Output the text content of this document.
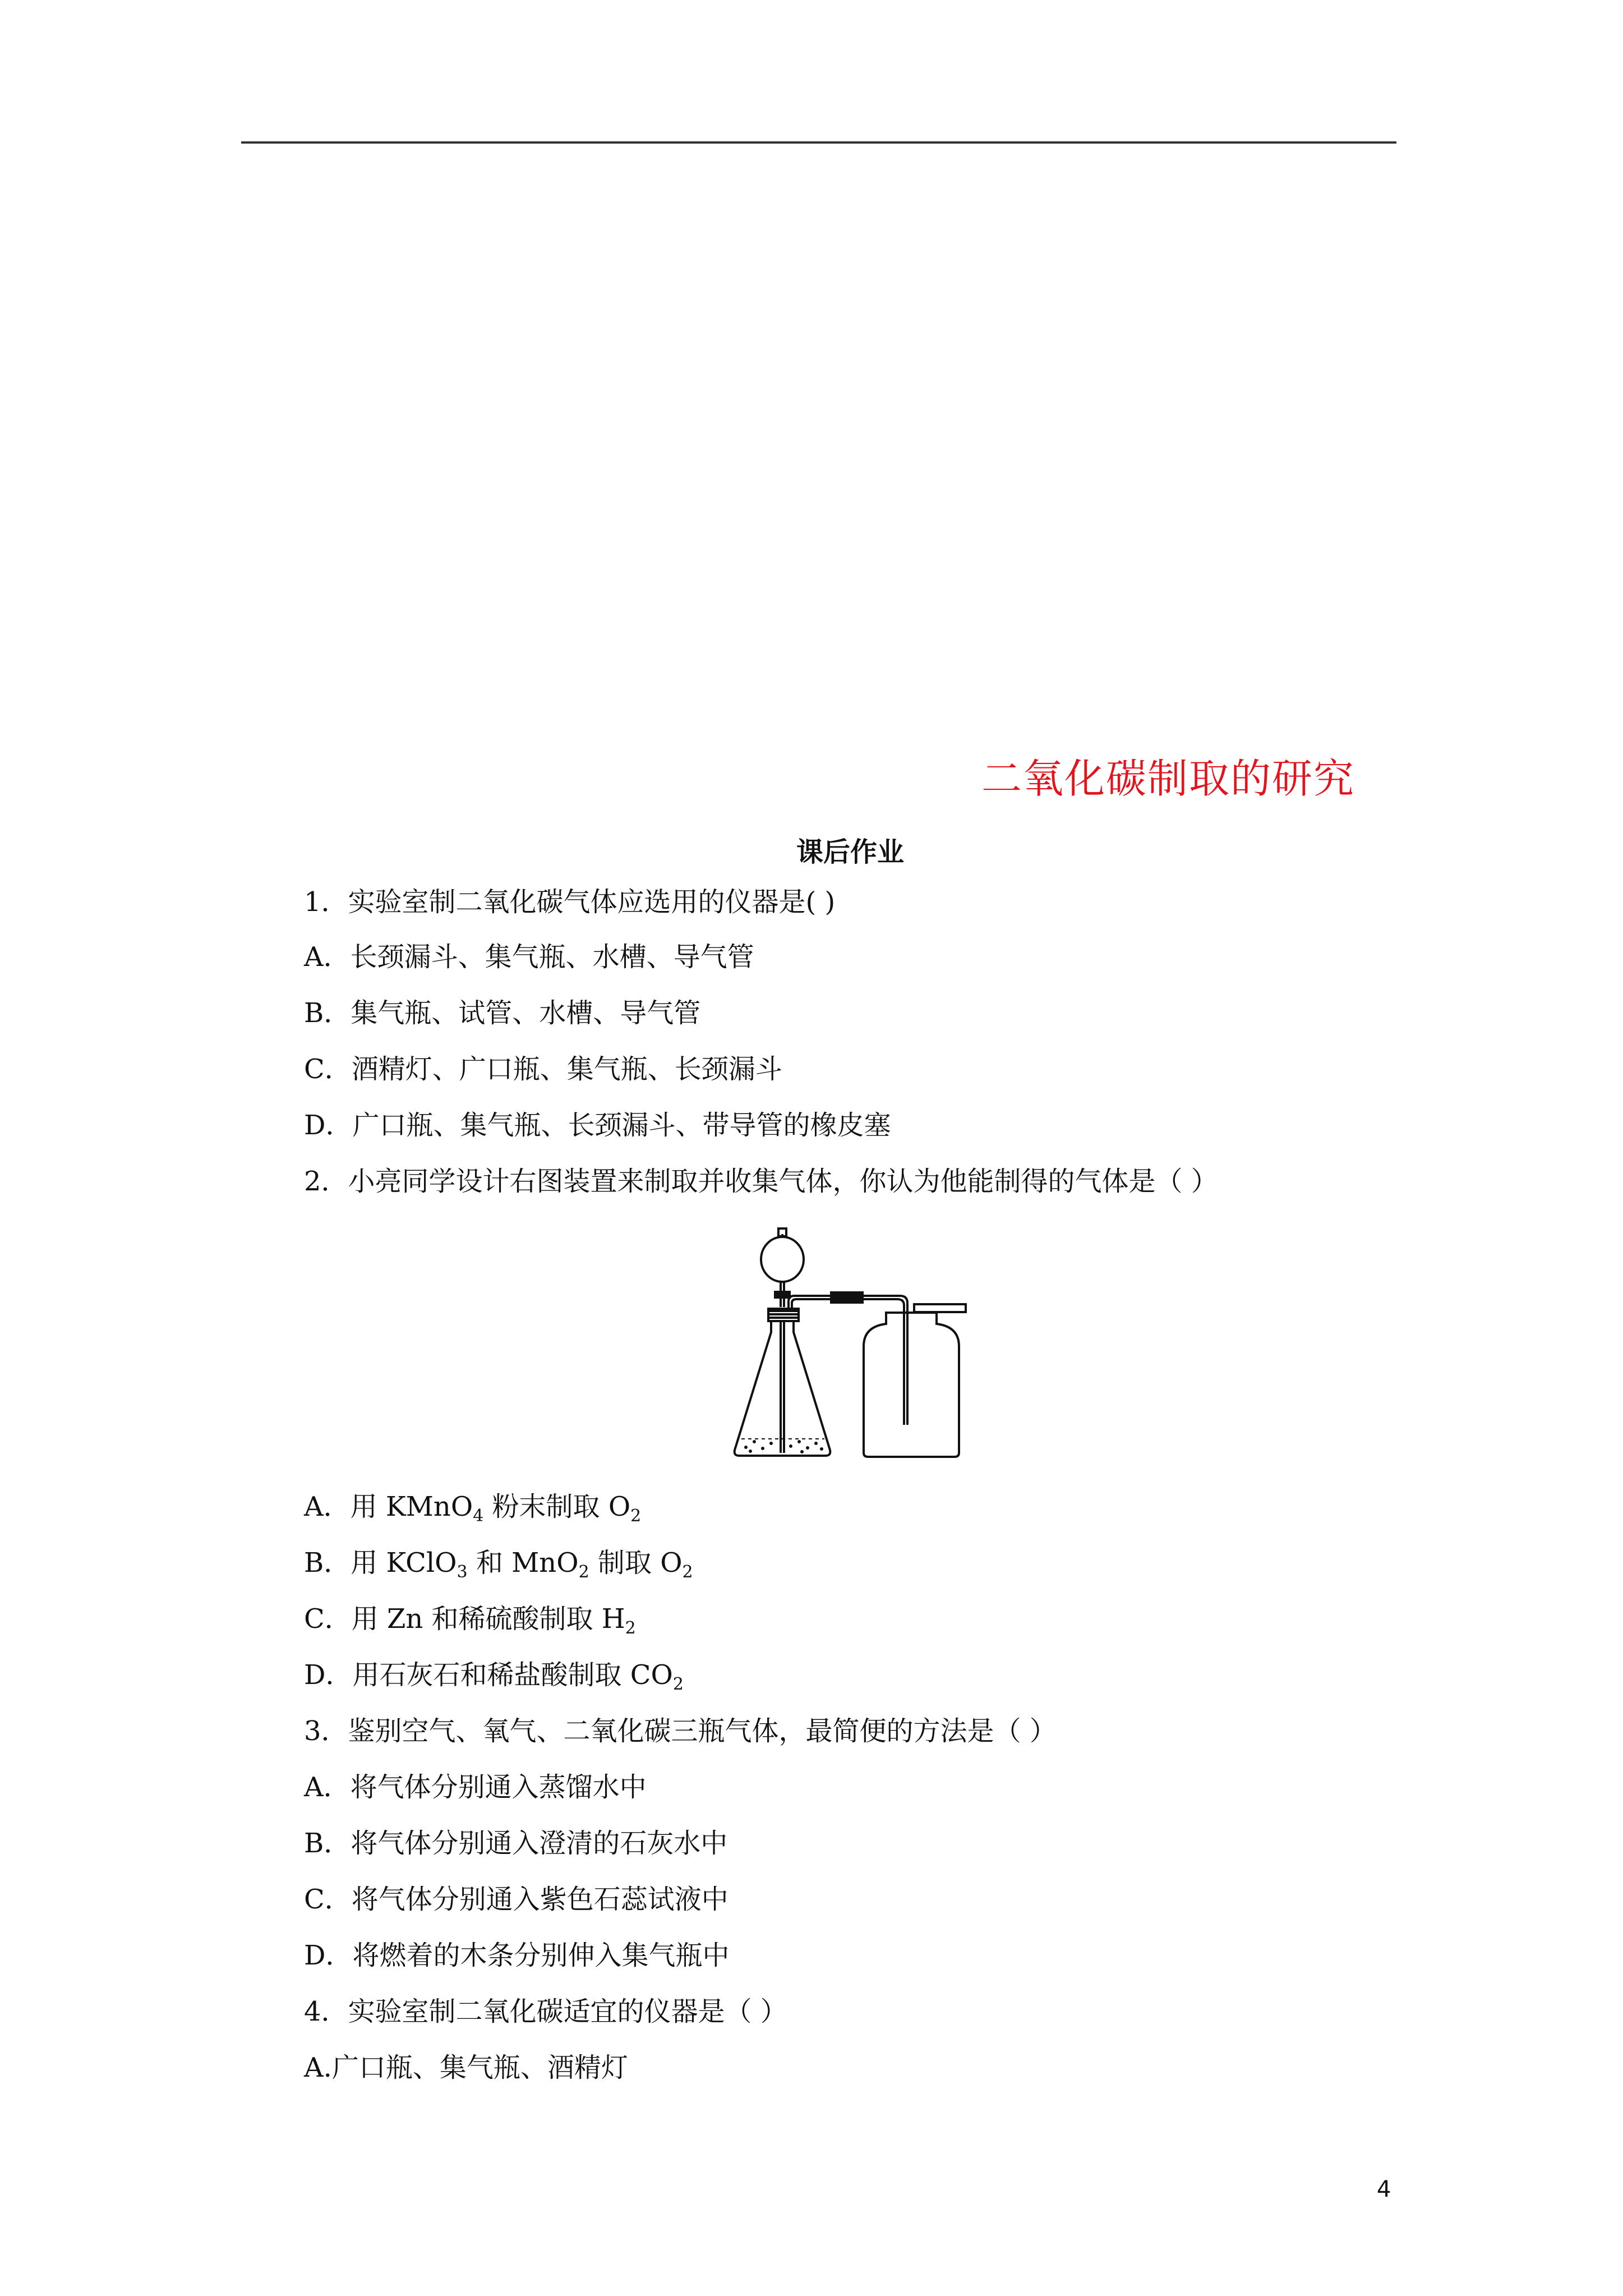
二氧化碳制取的研究
课后作业
1．实验室制二氧化碳气体应选用的仪器是( )
A．长颈漏斗、集气瓶、水槽、导气管
B．集气瓶、试管、水槽、导气管
C．酒精灯、广口瓶、集气瓶、长颈漏斗
D．广口瓶、集气瓶、长颈漏斗、带导管的橡皮塞
2．小亮同学设计右图装置来制取并收集气体，你认为他能制得的气体是（ ）
A．用 KMnO$_4$ 粉末制取 $O_2$
B．用 KClO$_3$ 和 MnO$_2$ 制取 $O_2$
C．用 Zn 和稀硫酸制取 $H_2$
D．用石灰石和稀盐酸制取 $CO_2$
3．鉴别空气、氧气、二氧化碳三瓶气体，最简便的方法是（ ）
A．将气体分别通入蒸馏水中
B．将气体分别通入澄清的石灰水中
C．将气体分别通入紫色石蕊试液中
D．将燃着的木条分别伸入集气瓶中
4．实验室制二氧化碳适宜的仪器是（ ）
A.广口瓶、集气瓶、酒精灯
4
